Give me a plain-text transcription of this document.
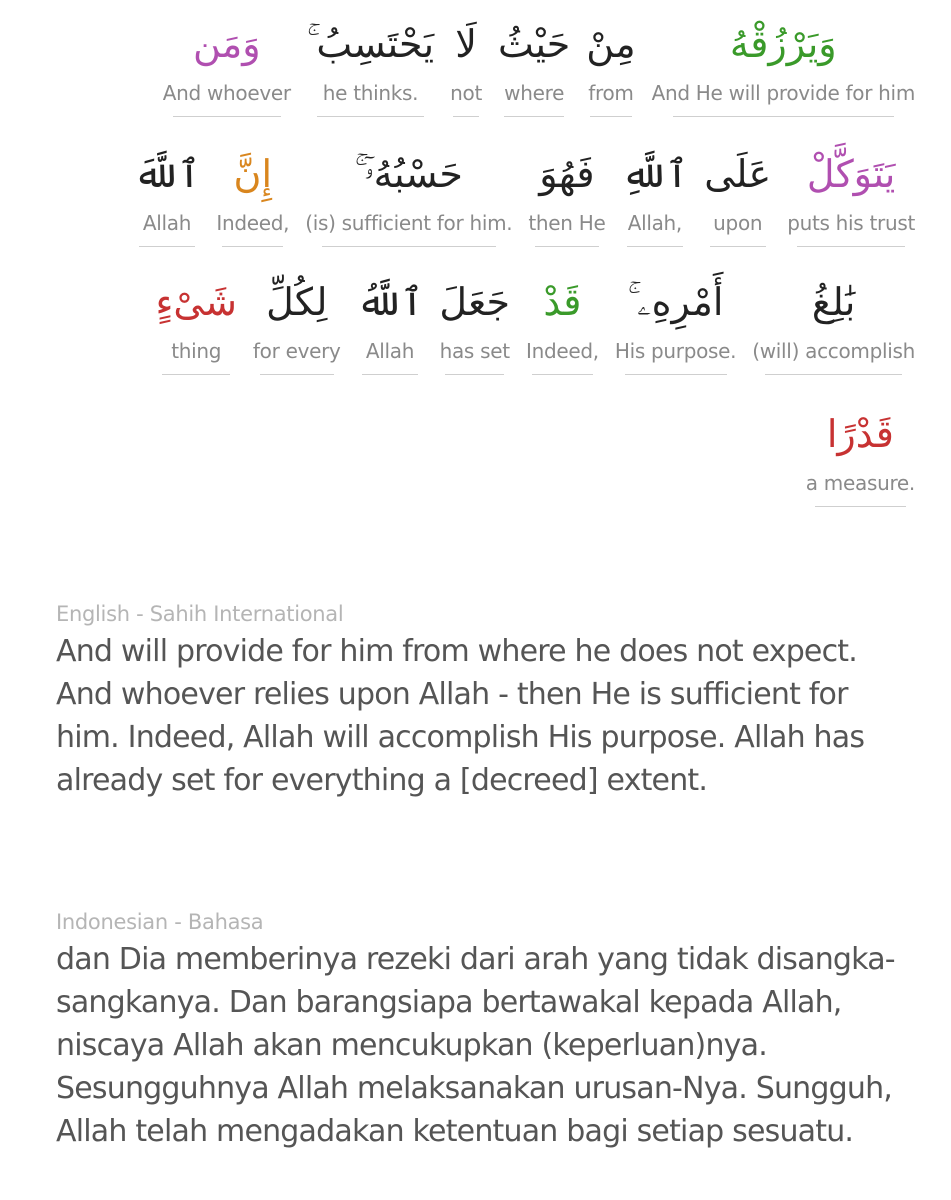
وَيَرْزُقْهُ
And He will provide for him
مِنْ
from
حَيْثُ
where
لَا
not
يَحْتَسِبُ ۚ
he thinks.
وَمَن
And whoever
يَتَوَكَّلْ
puts his trust
عَلَى
upon
ٱللَّهِ
Allah,
فَهُوَ
then He
حَسْبُهُۥٓ ۚ
(is) sufficient for him.
إِنَّ
Indeed,
ٱللَّهَ
Allah
بَٰلِغُ
(will) accomplish
أَمْرِهِۦ ۚ
His purpose.
قَدْ
Indeed,
جَعَلَ
has set
ٱللَّهُ
Allah
لِكُلِّ
for every
شَىْءٍ
thing
قَدْرًا
a measure.
English - Sahih International
And will provide for him from where he does not expect. And whoever relies upon Allah - then He is sufficient for him. Indeed, Allah will accomplish His purpose. Allah has already set for everything a [decreed] extent.
Indonesian - Bahasa
dan Dia memberinya rezeki dari arah yang tidak disangka-sangkanya. Dan barangsiapa bertawakal kepada Allah, niscaya Allah akan mencukupkan (keperluan)nya. Sesungguhnya Allah melaksanakan urusan-Nya. Sungguh, Allah telah mengadakan ketentuan bagi setiap sesuatu.
